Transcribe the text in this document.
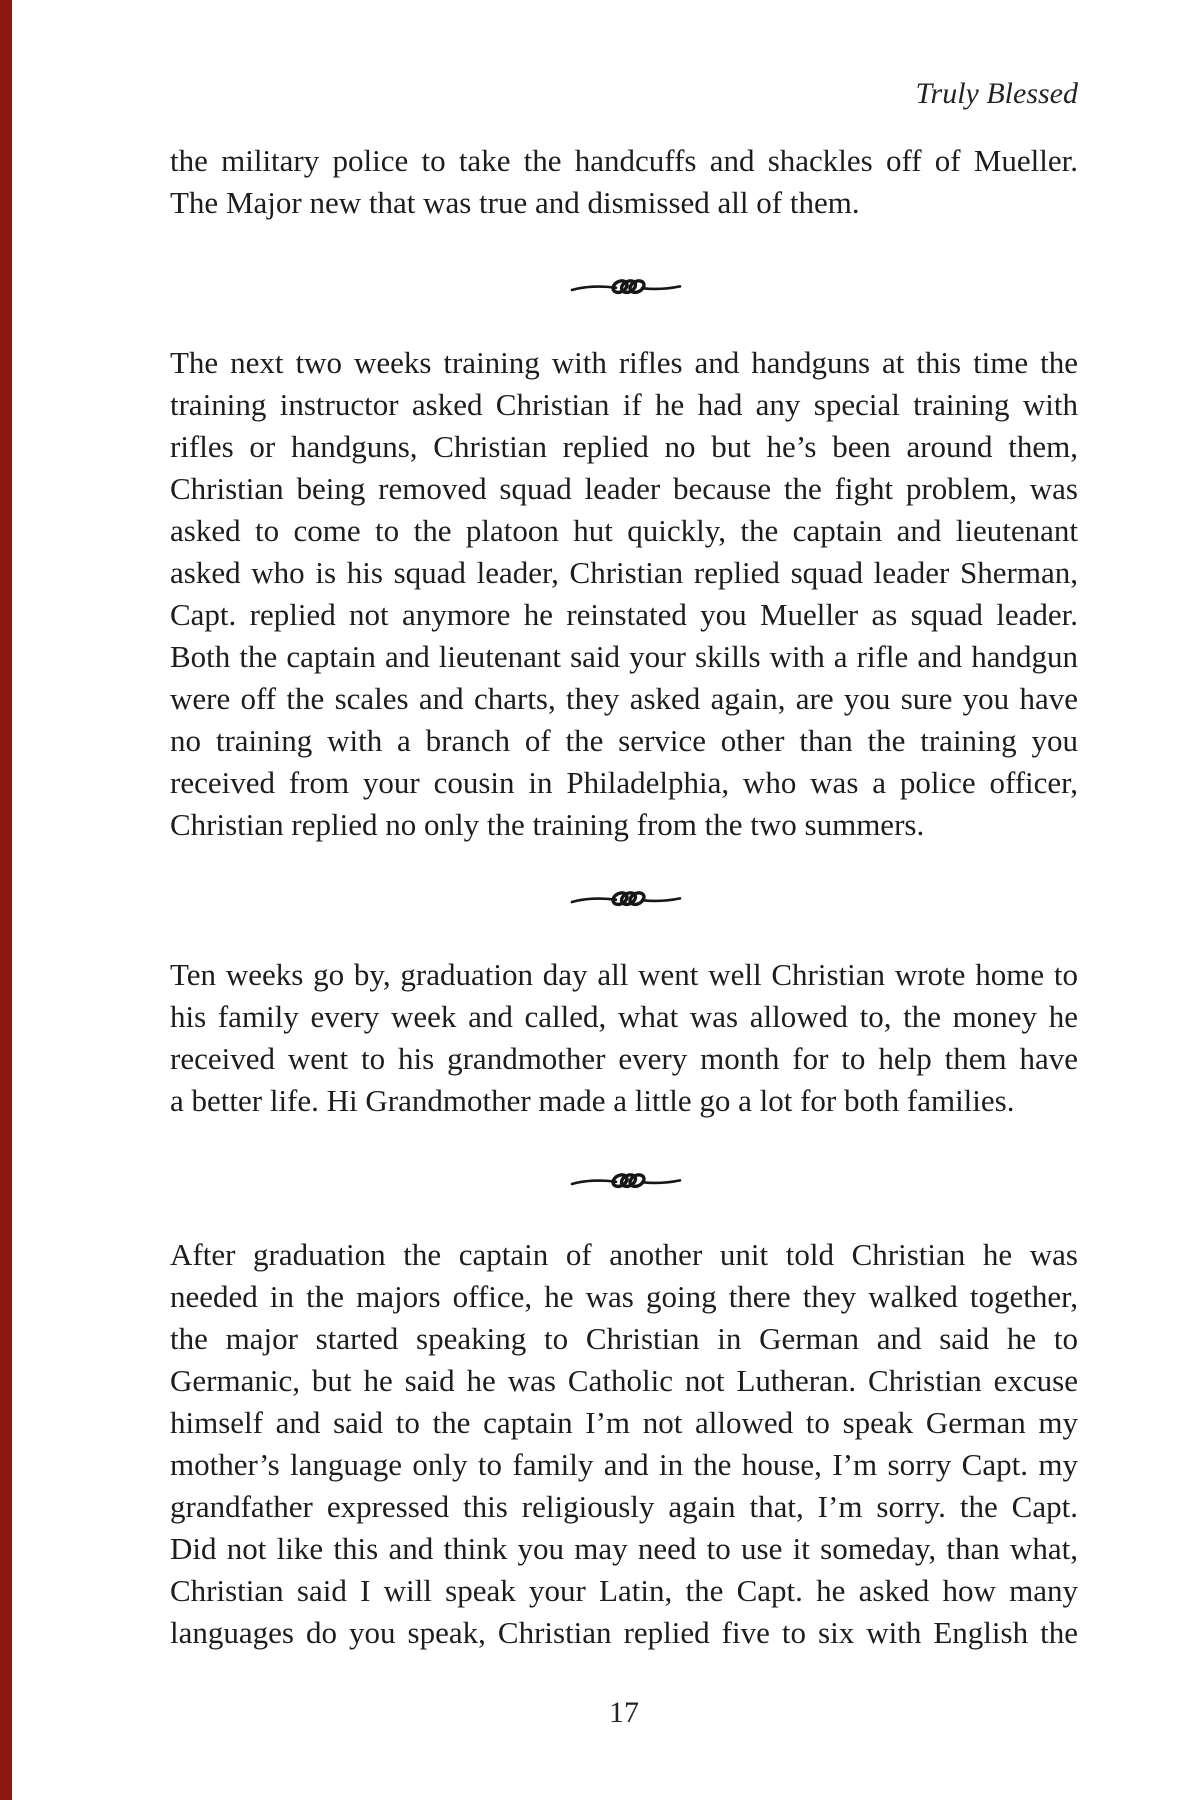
Truly Blessed
the military police to take the handcuffs and shackles off of Mueller.
The Major new that was true and dismissed all of them.
The next two weeks training with rifles and handguns at this time the
training instructor asked Christian if he had any special training with
rifles or handguns, Christian replied no but he’s been around them,
Christian being removed squad leader because the fight problem, was
asked to come to the platoon hut quickly, the captain and lieutenant
asked who is his squad leader, Christian replied squad leader Sherman,
Capt. replied not anymore he reinstated you Mueller as squad leader.
Both the captain and lieutenant said your skills with a rifle and handgun
were off the scales and charts, they asked again, are you sure you have
no training with a branch of the service other than the training you
received from your cousin in Philadelphia, who was a police officer,
Christian replied no only the training from the two summers.
Ten weeks go by, graduation day all went well Christian wrote home to
his family every week and called, what was allowed to, the money he
received went to his grandmother every month for to help them have
a better life. Hi Grandmother made a little go a lot for both families.
After graduation the captain of another unit told Christian he was
needed in the majors office, he was going there they walked together,
the major started speaking to Christian in German and said he to
Germanic, but he said he was Catholic not Lutheran. Christian excuse
himself and said to the captain I’m not allowed to speak German my
mother’s language only to family and in the house, I’m sorry Capt. my
grandfather expressed this religiously again that, I’m sorry. the Capt.
Did not like this and think you may need to use it someday, than what,
Christian said I will speak your Latin, the Capt. he asked how many
languages do you speak, Christian replied five to six with English the
17
